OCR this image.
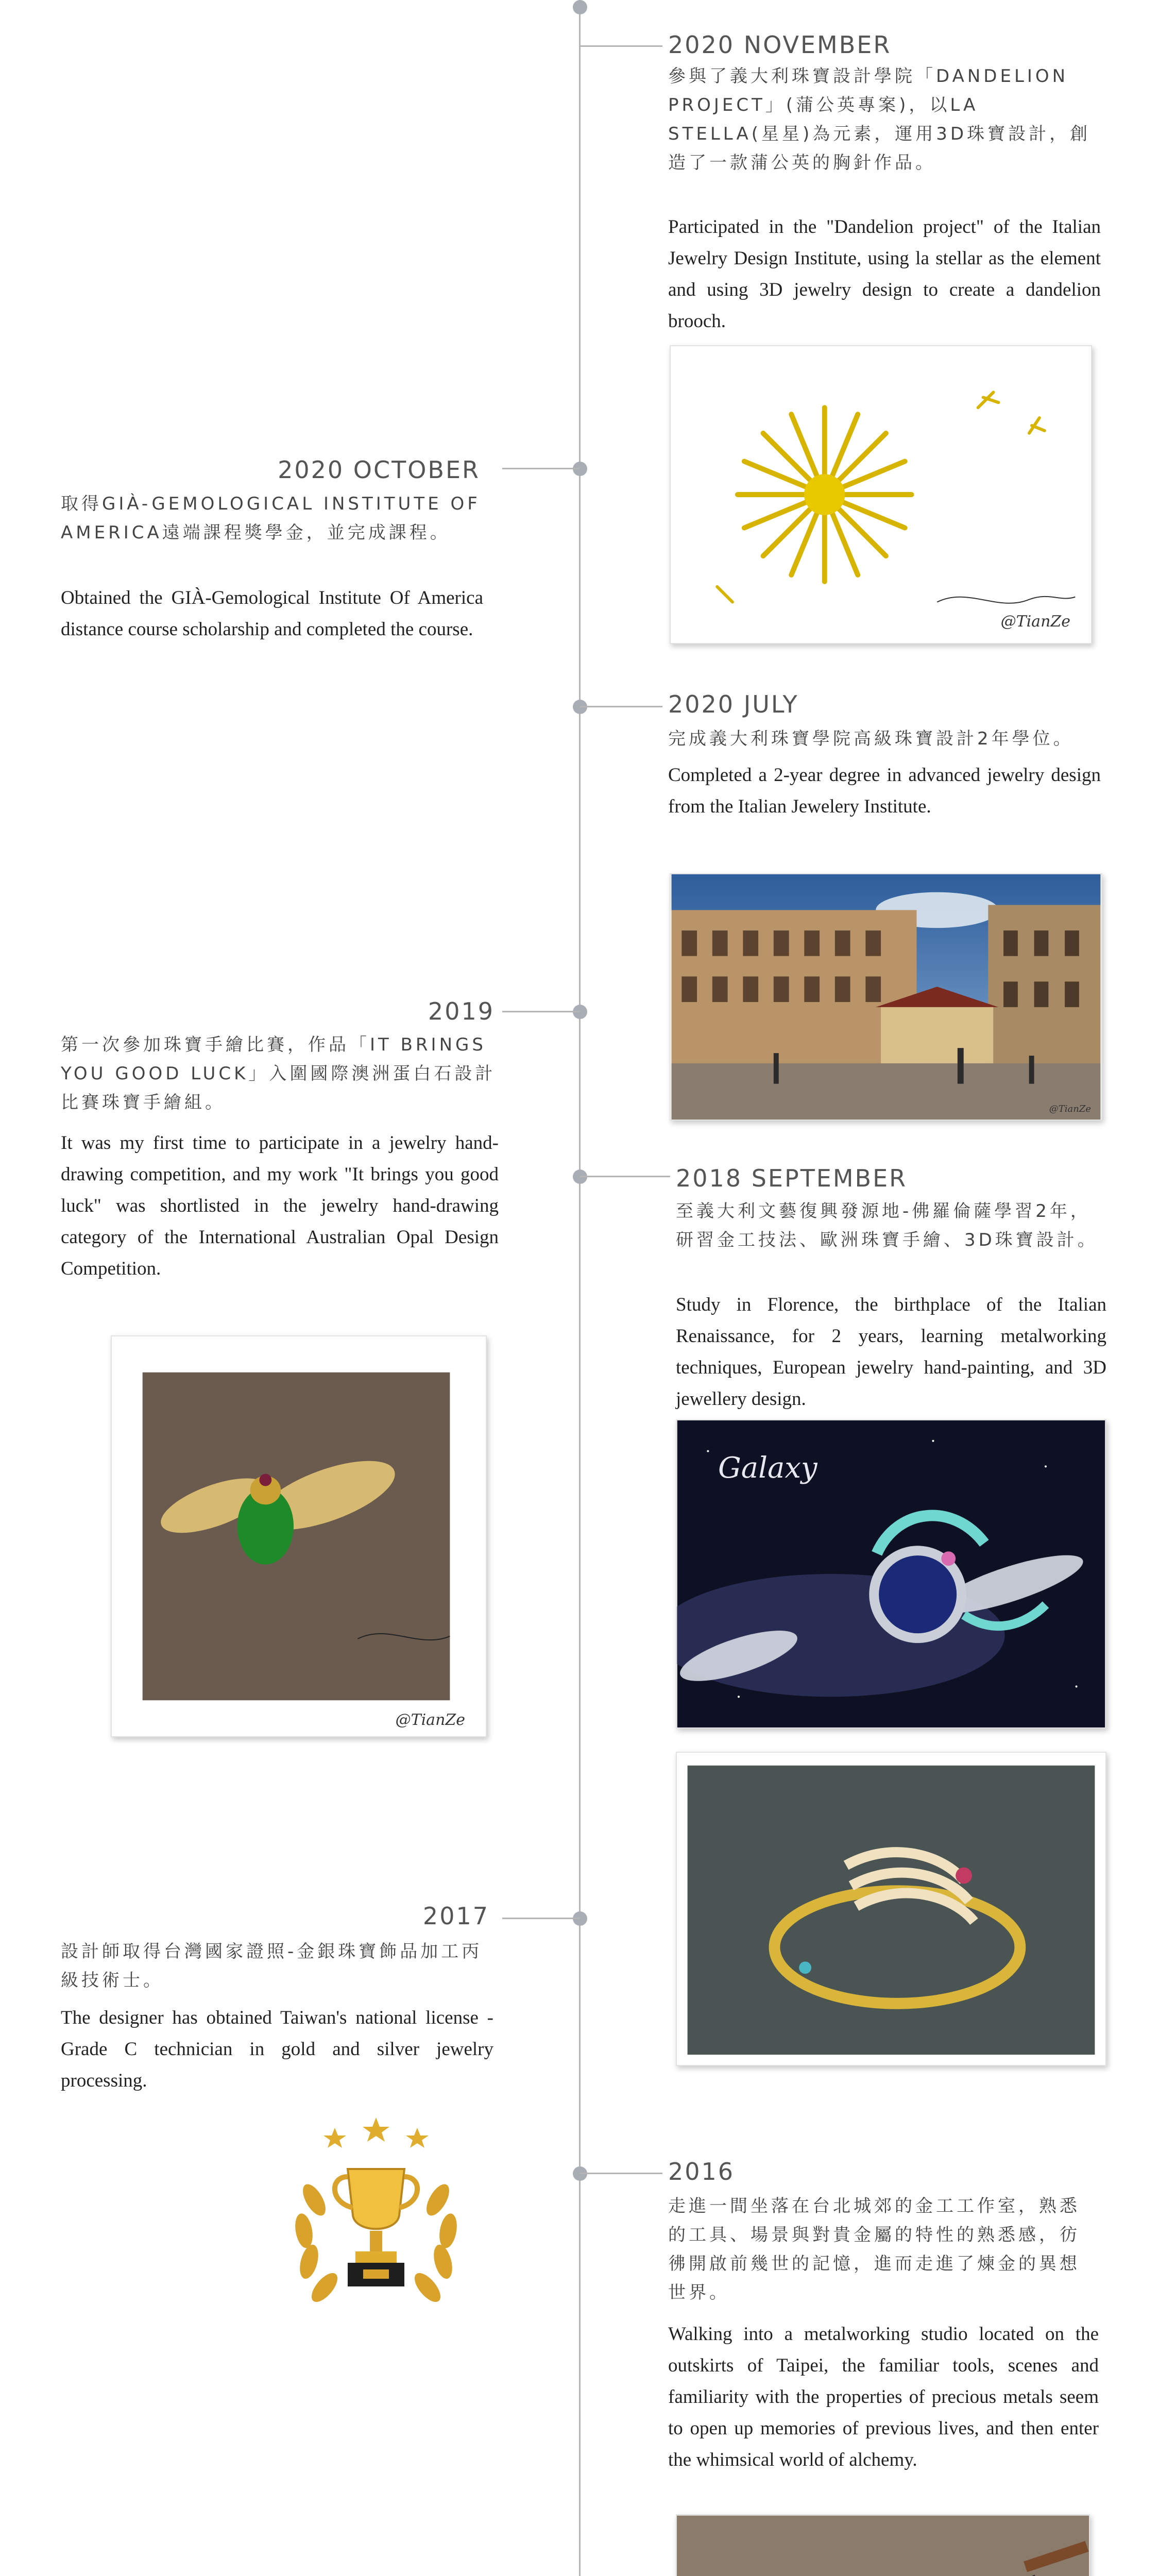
2020 NOVEMBER

參與了義大利珠寶設計學院「DANDELION PROJECT」(蒲公英專案)，以LA STELLA(星星)為元素，運用3D珠寶設計，創造了一款蒲公英的胸針作品。

Participated in the "Dandelion project" of the Italian Jewelry Design Institute, using la stellar as the element and using 3D jewelry design to create a dandelion brooch.

@TianZe
2020 OCTOBER

取得GIÀ-GEMOLOGICAL INSTITUTE OF AMERICA遠端課程獎學金，並完成課程。

Obtained the GIÀ-Gemological Institute Of America distance course scholarship and completed the course.

2020 JULY

完成義大利珠寶學院高級珠寶設計2年學位。

Completed a 2-year degree in advanced jewelry design from the Italian Jewelery Institute.

@TianZe
2019

第一次參加珠寶手繪比賽，作品「IT BRINGS YOU GOOD LUCK」入圍國際澳洲蛋白石設計比賽珠寶手繪組。

It was my first time to participate in a jewelry hand-drawing competition, and my work "It brings you good luck" was shortlisted in the jewelry hand-drawing category of the International Australian Opal Design Competition.

@TianZe
2018 SEPTEMBER

至義大利文藝復興發源地-佛羅倫薩學習2年，研習金工技法、歐洲珠寶手繪、3D珠寶設計。

Study in Florence, the birthplace of the Italian Renaissance, for 2 years, learning metalworking techniques, European jewelry hand-painting, and 3D jewellery design.

Galaxy
2017

設計師取得台灣國家證照-金銀珠寶飾品加工丙級技術士。

The designer has obtained Taiwan's national license - Grade C technician in gold and silver jewelry processing.

2016

走進一間坐落在台北城郊的金工工作室，熟悉的工具、場景與對貴金屬的特性的熟悉感，彷彿開啟前幾世的記憶，進而走進了煉金的異想世界。

Walking into a metalworking studio located on the outskirts of Taipei, the familiar tools, scenes and familiarity with the properties of precious metals seem to open up memories of previous lives, and then enter the whimsical world of alchemy.
